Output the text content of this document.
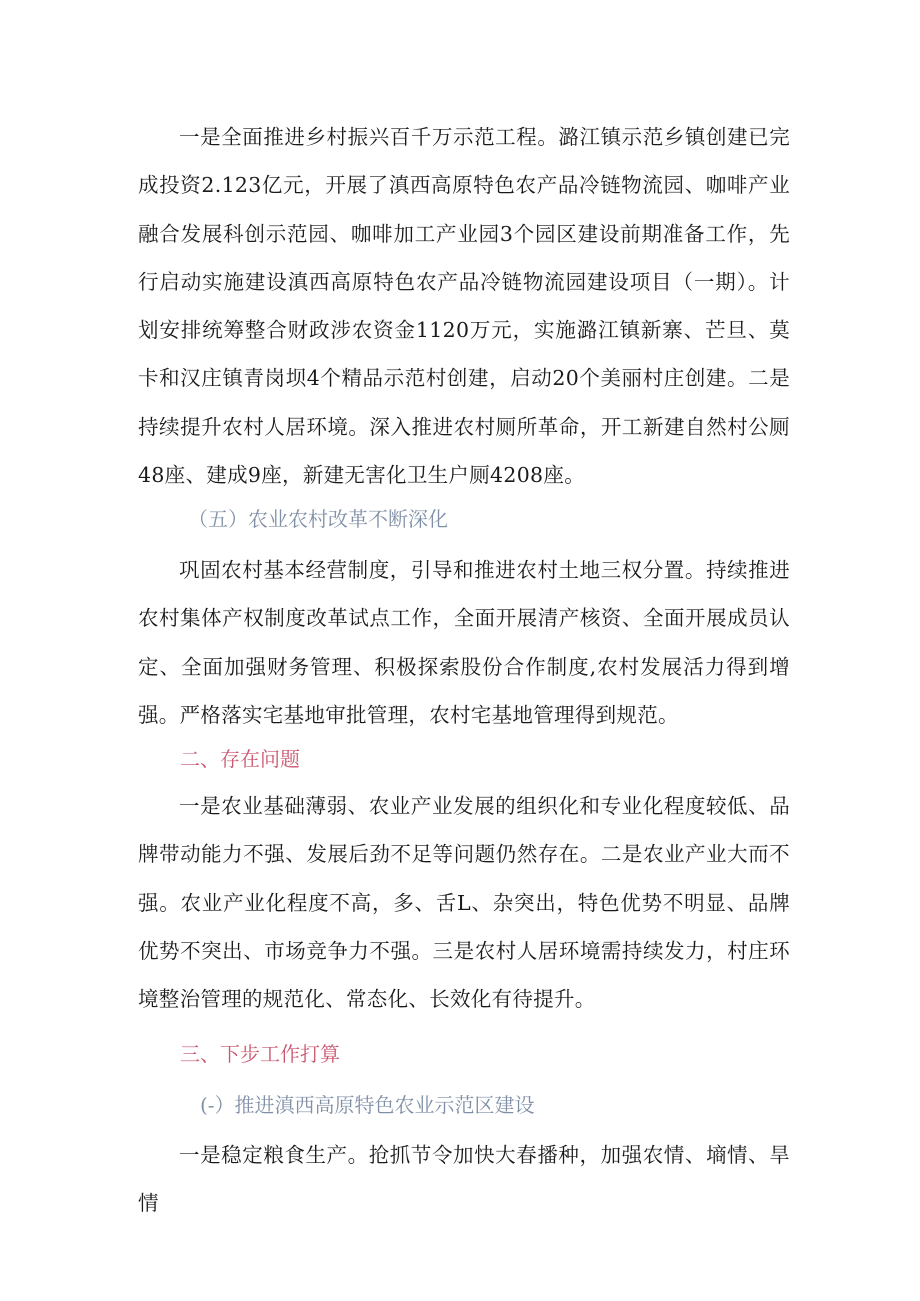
一是全面推进乡村振兴百千万示范工程。潞江镇示范乡镇创建已完成投资2.123亿元，开展了滇西高原特色农产品冷链物流园、咖啡产业融合发展科创示范园、咖啡加工产业园3个园区建设前期准备工作，先行启动实施建设滇西高原特色农产品冷链物流园建设项目（一期）。计划安排统筹整合财政涉农资金1120万元，实施潞江镇新寨、芒旦、莫卡和汉庄镇青岗坝4个精品示范村创建，启动20个美丽村庄创建。二是持续提升农村人居环境。深入推进农村厕所革命，开工新建自然村公厕48座、建成9座，新建无害化卫生户厕4208座。

（五）农业农村改革不断深化

巩固农村基本经营制度，引导和推进农村土地三权分置。持续推进农村集体产权制度改革试点工作，全面开展清产核资、全面开展成员认定、全面加强财务管理、积极探索股份合作制度,农村发展活力得到增强。严格落实宅基地审批管理，农村宅基地管理得到规范。

二、存在问题

一是农业基础薄弱、农业产业发展的组织化和专业化程度较低、品牌带动能力不强、发展后劲不足等问题仍然存在。二是农业产业大而不强。农业产业化程度不高，多、舌L、杂突出，特色优势不明显、品牌优势不突出、市场竞争力不强。三是农村人居环境需持续发力，村庄环境整治管理的规范化、常态化、长效化有待提升。

三、下步工作打算
(-）推进滇西高原特色农业示范区建设

一是稳定粮食生产。抢抓节令加快大春播种，加强农情、墒情、旱情
